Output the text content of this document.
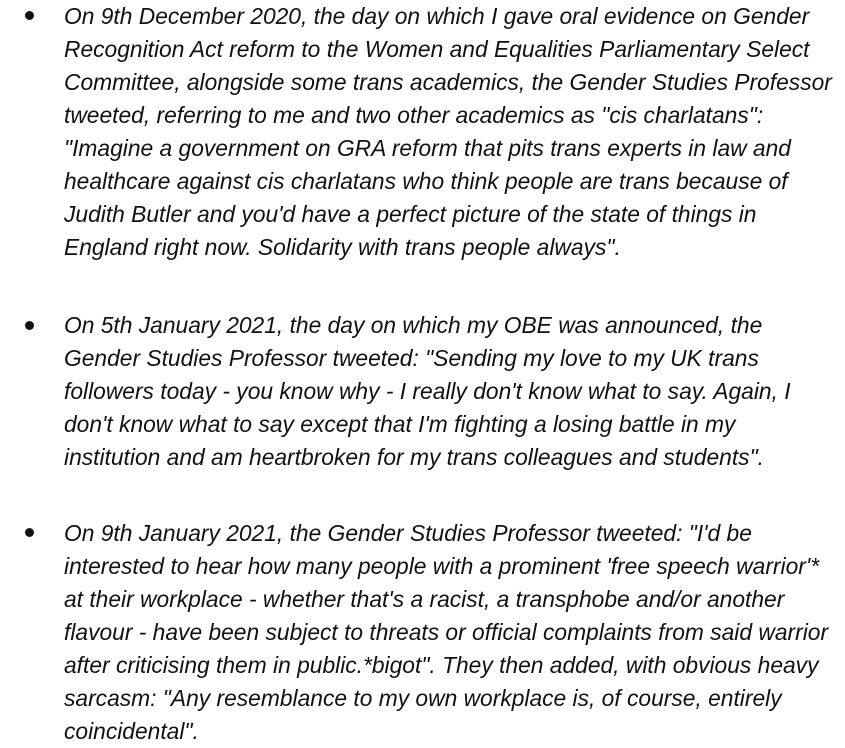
On 9th December 2020, the day on which I gave oral evidence on Gender Recognition Act reform to the Women and Equalities Parliamentary Select Committee, alongside some trans academics, the Gender Studies Professor tweeted, referring to me and two other academics as "cis charlatans": "Imagine a government on GRA reform that pits trans experts in law and healthcare against cis charlatans who think people are trans because of Judith Butler and you'd have a perfect picture of the state of things in England right now. Solidarity with trans people always".
On 5th January 2021, the day on which my OBE was announced, the Gender Studies Professor tweeted: "Sending my love to my UK trans followers today - you know why - I really don't know what to say. Again, I don't know what to say except that I'm fighting a losing battle in my institution and am heartbroken for my trans colleagues and students".
On 9th January 2021, the Gender Studies Professor tweeted: "I'd be interested to hear how many people with a prominent 'free speech warrior'* at their workplace - whether that's a racist, a transphobe and/or another flavour - have been subject to threats or official complaints from said warrior after criticising them in public.*bigot". They then added, with obvious heavy sarcasm: "Any resemblance to my own workplace is, of course, entirely coincidental".
